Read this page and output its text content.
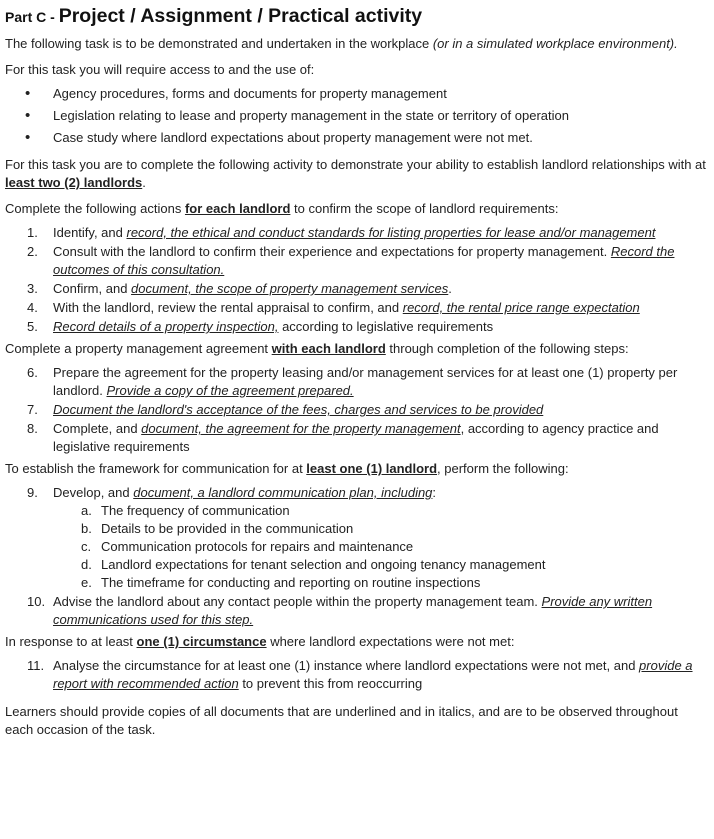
Part C - Project / Assignment / Practical activity

The following task is to be demonstrated and undertaken in the workplace (or in a simulated workplace environment).

For this task you will require access to and the use of:

• Agency procedures, forms and documents for property management
• Legislation relating to lease and property management in the state or territory of operation
• Case study where landlord expectations about property management were not met.

For this task you are to complete the following activity to demonstrate your ability to establish landlord relationships with at least two (2) landlords.

Complete the following actions for each landlord to confirm the scope of landlord requirements:

1.	Identify, and record, the ethical and conduct standards for listing properties for lease and/or management
2.	Consult with the landlord to confirm their experience and expectations for property management. Record the outcomes of this consultation.
3.	Confirm, and document, the scope of property management services.
4.	With the landlord, review the rental appraisal to confirm, and record, the rental price range expectation
5.	Record details of a property inspection, according to legislative requirements

Complete a property management agreement with each landlord through completion of the following steps:

6.	Prepare the agreement for the property leasing and/or management services for at least one (1) property per landlord. Provide a copy of the agreement prepared.
7.	Document the landlord's acceptance of the fees, charges and services to be provided
8.	Complete, and document, the agreement for the property management, according to agency practice and legislative requirements

To establish the framework for communication for at least one (1) landlord, perform the following:

9.	Develop, and document, a landlord communication plan, including:
a. The frequency of communication
b. Details to be provided in the communication
c. Communication protocols for repairs and maintenance
d. Landlord expectations for tenant selection and ongoing tenancy management
e. The timeframe for conducting and reporting on routine inspections
10. Advise the landlord about any contact people within the property management team. Provide any written communications used for this step.

In response to at least one (1) circumstance where landlord expectations were not met:

11. Analyse the circumstance for at least one (1) instance where landlord expectations were not met, and provide a report with recommended action to prevent this from reoccurring

Learners should provide copies of all documents that are underlined and in italics, and are to be observed throughout each occasion of the task.
